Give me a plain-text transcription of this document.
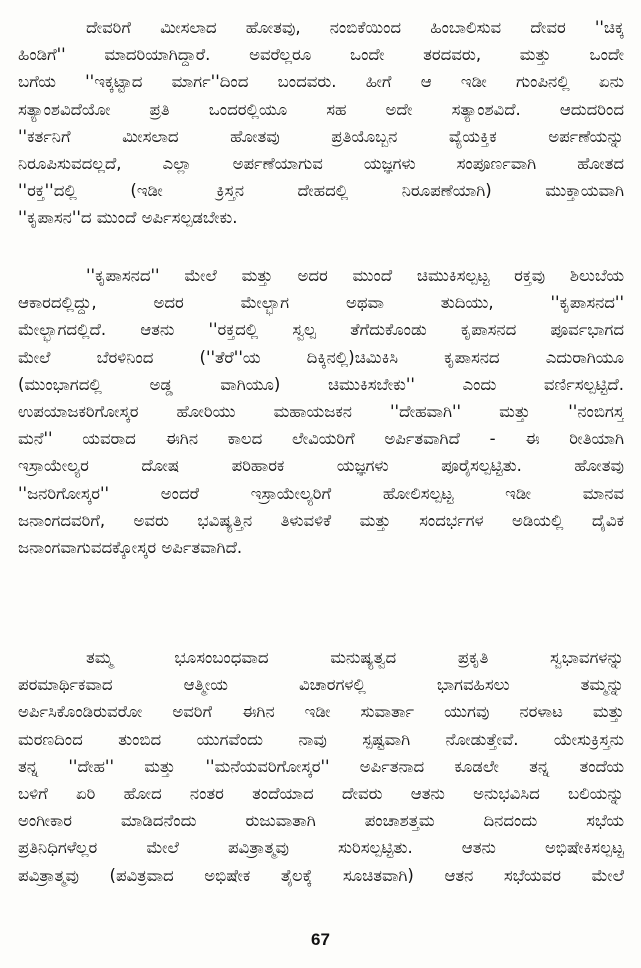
ದೇವರಿಗೆ ಮೀಸಲಾದ ಹೋತವು, ನಂಬಿಕೆಯಿಂದ ಹಿಂಬಾಲಿಸುವ ದೇವರ ''ಚಿಕ್ಕ
ಹಿಂಡಿಗೆ'' ಮಾದರಿಯಾಗಿದ್ದಾರೆ. ಅವರೆಲ್ಲರೂ ಒಂದೇ ತರದವರು, ಮತ್ತು ಒಂದೇ
ಬಗೆಯ ''ಇಕ್ಕಟ್ಟಾದ ಮಾರ್ಗ''ದಿಂದ ಬಂದವರು. ಹೀಗೆ ಆ ಇಡೀ ಗುಂಪಿನಲ್ಲಿ ಏನು
ಸತ್ಯಾಂಶವಿದೆಯೋ ಪ್ರತಿ ಒಂದರಲ್ಲಿಯೂ ಸಹ ಅದೇ ಸತ್ಯಾಂಶವಿದೆ. ಆದುದರಿಂದ
''ಕರ್ತನಿಗೆ ಮೀಸಲಾದ ಹೋತವು ಪ್ರತಿಯೊಬ್ಬನ ವ್ಯೆಯಕ್ತಿಕ ಅರ್ಪಣೆಯನ್ನು
ನಿರೂಪಿಸುವದಲ್ಲದೆ, ಎಲ್ಲಾ ಅರ್ಪಣೆಯಾಗುವ ಯಜ್ಞಗಳು ಸಂಪೂರ್ಣವಾಗಿ ಹೋತದ
''ರಕ್ತ''ದಲ್ಲಿ (ಇಡೀ ಕ್ರಿಸ್ತನ ದೇಹದಲ್ಲಿ ನಿರೂಪಣೆಯಾಗಿ) ಮುಕ್ತಾಯವಾಗಿ
''ಕೃಪಾಸನ''ದ ಮುಂದೆ ಅರ್ಪಿಸಲ್ಪಡಬೇಕು.
''ಕೃಪಾಸನದ'' ಮೇಲೆ ಮತ್ತು ಅದರ ಮುಂದೆ ಚಿಮುಕಿಸಲ್ಪಟ್ಟ ರಕ್ತವು ಶಿಲುಬೆಯ
ಆಕಾರದಲ್ಲಿದ್ದು, ಅದರ ಮೇಲ್ಭಾಗ ಅಥವಾ ತುದಿಯು, ''ಕೃಪಾಸನದ''
ಮೇಲ್ಭಾಗದಲ್ಲಿದೆ. ಆತನು ''ರಕ್ತದಲ್ಲಿ ಸ್ವಲ್ಪ ತೆಗೆದುಕೊಂಡು ಕೃಪಾಸನದ ಪೂರ್ವಭಾಗದ
ಮೇಲೆ ಬೆರಳಿನಿಂದ (''ತೆರೆ''ಯ ದಿಕ್ಕಿನಲ್ಲಿ)ಚಿಮಿಕಿಸಿ ಕೃಪಾಸನದ ಎದುರಾಗಿಯೂ
(ಮುಂಭಾಗದಲ್ಲಿ ಅಡ್ಡ ವಾಗಿಯೂ) ಚಿಮುಕಿಸಬೇಕು'' ಎಂದು ವರ್ಣಿಸಲ್ಪಟ್ಟಿದೆ.
ಉಪಯಾಜಕರಿಗೋಸ್ಕರ ಹೋರಿಯು ಮಹಾಯಜಕನ ''ದೇಹವಾಗಿ'' ಮತ್ತು ''ನಂಬಿಗಸ್ತ
ಮನೆ'' ಯವರಾದ ಈಗಿನ ಕಾಲದ ಲೇವಿಯರಿಗೆ ಅರ್ಪಿತವಾಗಿದೆ - ಈ ರೀತಿಯಾಗಿ
ಇಸ್ರಾಯೇಲ್ಯರ ದೋಷ ಪರಿಹಾರಕ ಯಜ್ಞಗಳು ಪೂರೈಸಲ್ಪಟ್ಟಿತು. ಹೋತವು
''ಜನರಿಗೋಸ್ಕರ'' ಅಂದರೆ ಇಸ್ರಾಯೇಲ್ಯರಿಗೆ ಹೋಲಿಸಲ್ಪಟ್ಟ ಇಡೀ ಮಾನವ
ಜನಾಂಗದವರಿಗೆ, ಅವರು ಭವಿಷ್ಯತ್ತಿನ ತಿಳುವಳಿಕೆ ಮತ್ತು ಸಂದರ್ಭಗಳ ಅಡಿಯಲ್ಲಿ ದೈವಿಕ
ಜನಾಂಗವಾಗುವದಕ್ಕೋಸ್ಕರ ಅರ್ಪಿತವಾಗಿದೆ.
ತಮ್ಮ ಭೂಸಂಬಂಧವಾದ ಮನುಷ್ಯತ್ವದ ಪ್ರಕೃತಿ ಸ್ವಭಾವಗಳನ್ನು
ಪರಮಾರ್ಥಿಕವಾದ ಆತ್ಮೀಯ ವಿಚಾರಗಳಲ್ಲಿ ಭಾಗವಹಿಸಲು ತಮ್ಮನ್ನು
ಅರ್ಪಿಸಿಕೊಂಡಿರುವರೋ ಅವರಿಗೆ ಈಗಿನ ಇಡೀ ಸುವಾರ್ತಾ ಯುಗವು ನರಳಾಟ ಮತ್ತು
ಮರಣದಿಂದ ತುಂಬಿದ ಯುಗವೆಂದು ನಾವು ಸ್ಪಷ್ಟವಾಗಿ ನೋಡುತ್ತೇವೆ. ಯೇಸುಕ್ರಿಸ್ತನು
ತನ್ನ ''ದೇಹ'' ಮತ್ತು ''ಮನೆಯವರಿಗೋಸ್ಕರ'' ಅರ್ಪಿತನಾದ ಕೂಡಲೇ ತನ್ನ ತಂದೆಯ
ಬಳಿಗೆ ಏರಿ ಹೋದ ನಂತರ ತಂದೆಯಾದ ದೇವರು ಆತನು ಅನುಭವಿಸಿದ ಬಲಿಯನ್ನು
ಅಂಗೀಕಾರ ಮಾಡಿದನೆಂದು ರುಜುವಾತಾಗಿ ಪಂಚಾಶತ್ತಮ ದಿನದಂದು ಸಭೆಯ
ಪ್ರತಿನಿಧಿಗಳೆಲ್ಲರ ಮೇಲೆ ಪವಿತ್ರಾತ್ಮವು ಸುರಿಸಲ್ಪಟ್ಟಿತು. ಆತನು ಅಭಿಷೇಕಿಸಲ್ಪಟ್ಟ
ಪವಿತ್ರಾತ್ಮವು (ಪವಿತ್ರವಾದ ಅಭಿಷೇಕ ತೈಲಕ್ಕೆ ಸೂಚಿತವಾಗಿ) ಆತನ ಸಭೆಯವರ ಮೇಲೆ
67
